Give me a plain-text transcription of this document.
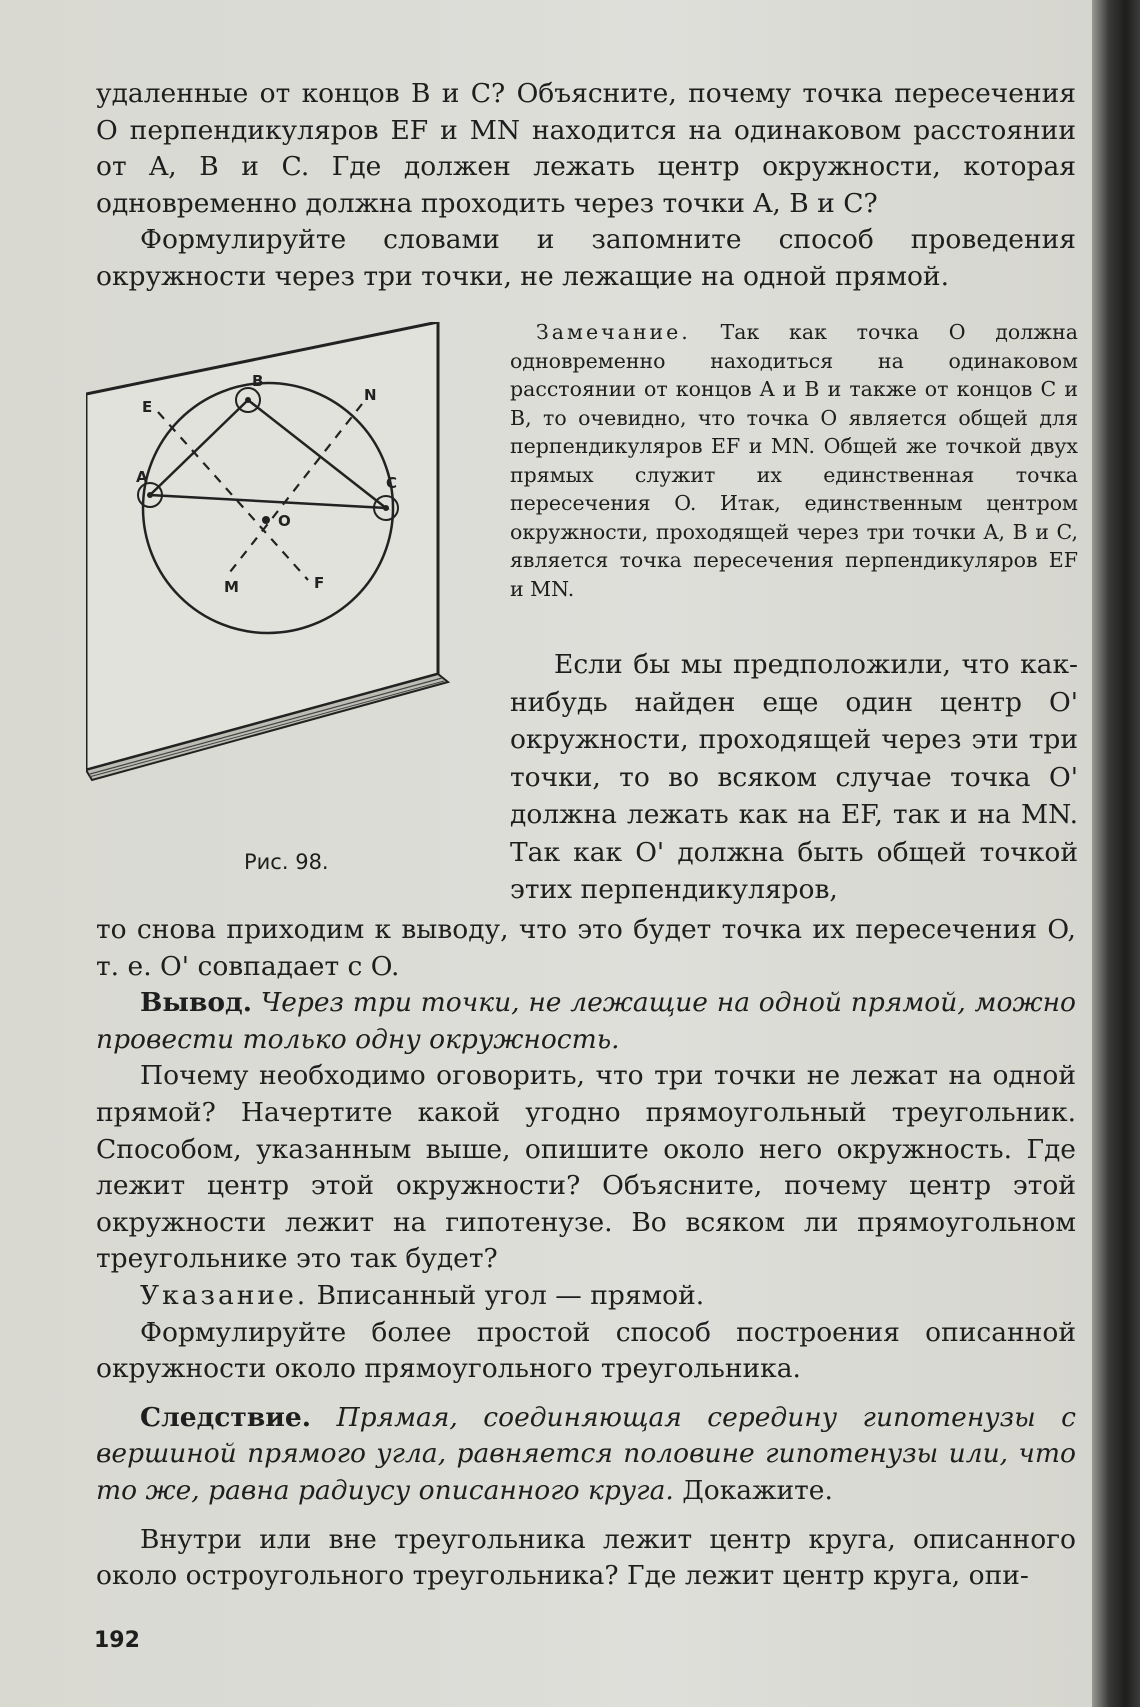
удаленные от концов B и C? Объясните, почему точка пересечения O перпендикуляров EF и MN находится на одинаковом расстоянии от A, B и C. Где должен лежать центр окружности, которая одновременно должна проходить через точки A, B и C?

Формулируйте словами и запомните способ проведения окружности через три точки, не лежащие на одной прямой.

A
B
C
E
N
M	F
O
Рис. 98.

Замечание. Так как точка O должна одновременно находиться на одинаковом расстоянии от концов A и B и также от концов C и B, то очевидно, что точка O является общей для перпендикуляров EF и MN. Общей же точкой двух прямых служит их единственная точка пересечения O. Итак, единственным центром окружности, проходящей через три точки A, B и C, является точка пересечения перпендикуляров EF и MN.

Если бы мы предположили, что как-нибудь найден еще один центр O' окружности, проходящей через эти три точки, то во всяком случае точка O' должна лежать как на EF, так и на MN. Так как O' должна быть общей точкой этих перпендикуляров,

то снова приходим к выводу, что это будет точка их пересечения O, т. е. O' совпадает с O.

Вывод. Через три точки, не лежащие на одной прямой, можно провести только одну окружность.

Почему необходимо оговорить, что три точки не лежат на одной прямой? Начертите какой угодно прямоугольный треугольник. Способом, указанным выше, опишите около него окружность. Где лежит центр этой окружности? Объясните, почему центр этой окружности лежит на гипотенузе. Во всяком ли прямоугольном треугольнике это так будет?

Указание. Вписанный угол — прямой.

Формулируйте более простой способ построения описанной окружности около прямоугольного треугольника.

Следствие. Прямая, соединяющая середину гипотенузы с вершиной прямого угла, равняется половине гипотенузы или, что то же, равна радиусу описанного круга. Докажите.

Внутри или вне треугольника лежит центр круга, описанного около остроугольного треугольника? Где лежит центр круга, опи-

192
